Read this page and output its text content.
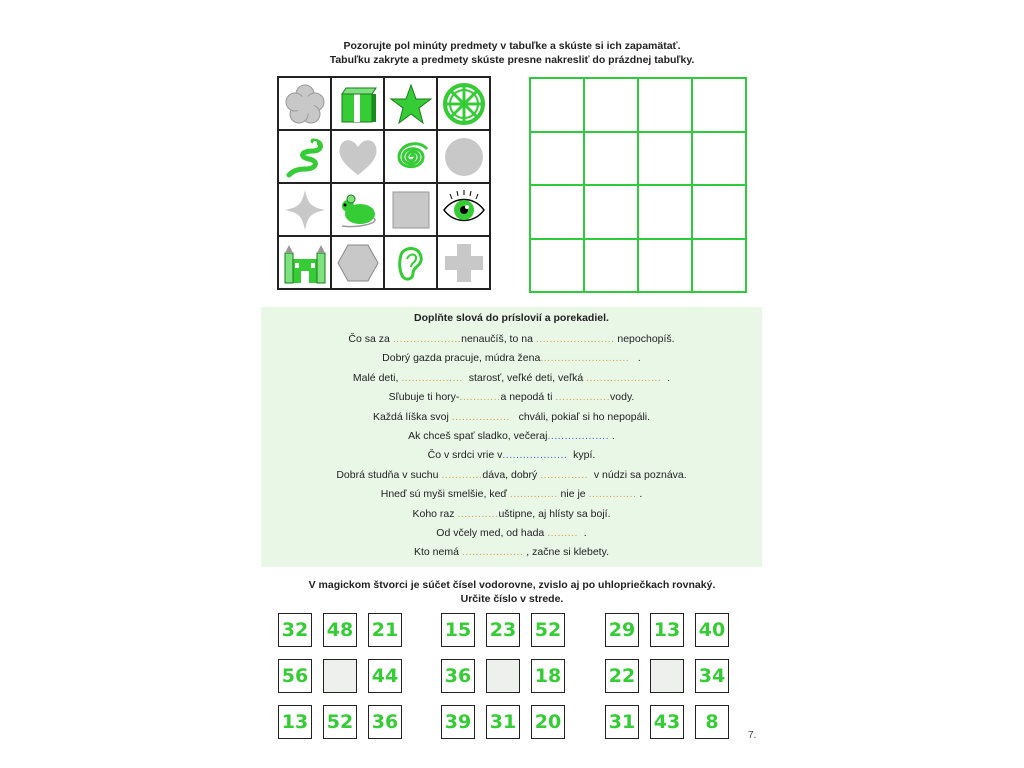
Pozorujte pol minúty predmety v tabuľke a skúste si ich zapamätať.
Tabuľku zakryte a predmety skúste presne nakresliť do prázdnej tabuľky.
Doplňte slová do príslovií a porekadiel.
Čo sa za ....................nenaučíš, to na ....................... nepochopíš.
Dobrý gazda pracuje, múdra žena..........................   .
Malé deti, ..................  starosť, veľké deti, veľká ......................  .
Sľubuje ti hory-............a nepodá ti ................vody.
Každá líška svoj .................   chváli, pokiaľ si ho nepopáli.
Ak chceš spať sladko, večeraj.................. .
Čo v srdci vrie v...................  kypí.
Dobrá studňa v suchu ............dáva, dobrý ..............  v núdzi sa poznáva.
Hneď sú myši smelšie, keď .............. nie je .............. .
Koho raz ............uštipne, aj hlísty sa bojí.
Od včely med, od hada .........  .
Kto nemá .................. , začne si klebety.
V magickom štvorci je súčet čísel vodorovne, zvislo aj po uhlopriečkach rovnaký.
Určite číslo v strede.
32 48 21
56	44
13 52 36
15 23 52
36	18
39 31 20
29 13 40
22	34
31 43	8
7.
